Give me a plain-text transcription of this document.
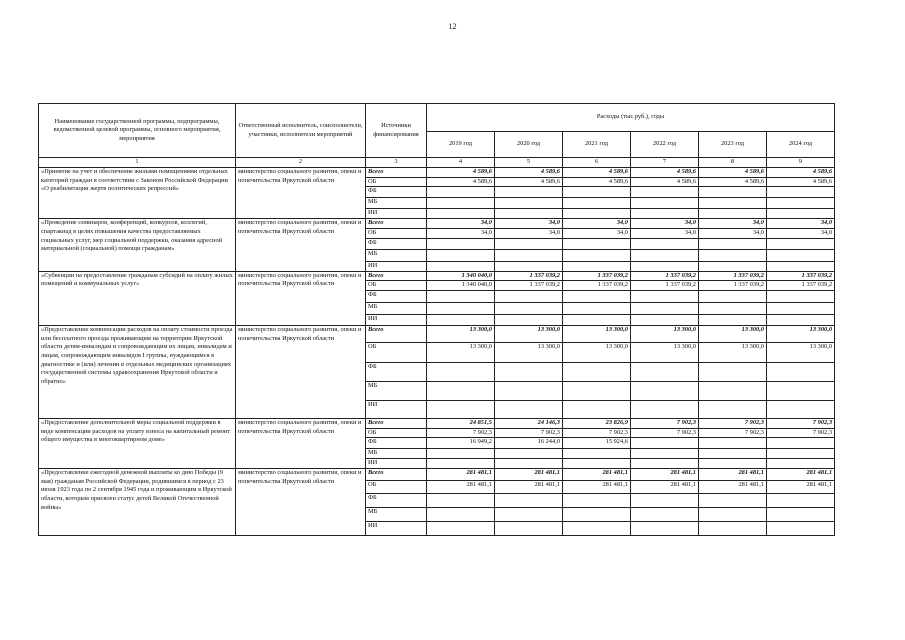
12
Наименование государственной программы, подпрограммы, ведомственной целевой программы, основного мероприятия, мероприятия	Ответственный исполнитель, соисполнители, участники, исполнители мероприятий	Источники финансирования	Расходы (тыс.руб.), годы					
			2019 год	2020 год	2021 год	2022 год	2023 год	2024 год
1	2	3	4	5	6	7	8	9
«Принятие на учет и обеспечение жилыми помещениями отдельных категорий граждан в соответствии с Законом Российской Федерации «О реабилитации жертв политических репрессий»	министерство социального развития, опеки и попечительства Иркутской области	Всего	4 589,6	4 589,6	4 589,6	4 589,6	4 589,6	4 589,6
		ОБ	4 589,6	4 589,6	4 589,6	4 589,6	4 589,6	4 589,6
		ФБ						
		МБ						
		ИИ						
«Проведение семинаров, конференций, конкурсов, коллегий, спартакиад в целях повышения качества предоставляемых социальных услуг, мер социальной поддержки, оказания адресной материальной (социальной) помощи гражданам»	министерство социального развития, опеки и попечительства Иркутской области	Всего	34,0	34,0	34,0	34,0	34,0	34,0
		ОБ	34,0	34,0	34,0	34,0	34,0	34,0
		ФБ						
		МБ						
		ИИ						
«Субвенции на предоставление гражданам субсидий на оплату жилых помещений и коммунальных услуг»	министерство социального развития, опеки и попечительства Иркутской области	Всего	1 340 040,0	1 337 039,2	1 337 039,2	1 337 039,2	1 337 039,2	1 337 039,2
		ОБ	1 340 040,0	1 337 039,2	1 337 039,2	1 337 039,2	1 337 039,2	1 337 039,2
		ФБ						
		МБ						
		ИИ						
«Предоставление компенсации расходов на оплату стоимости проезда или бесплатного проезда проживающим на территории Иркутской области детям-инвалидам и сопровождающим их лицам, инвалидам и лицам, сопровождающим инвалидов I группы, нуждающимся в диагностике и (или) лечении в отдельных медицинских организациях государственной системы здравоохранения Иркутской области и обратно»	министерство социального развития, опеки и попечительства Иркутской области	Всего	13 300,0	13 300,0	13 300,0	13 300,0	13 300,0	13 300,0
		ОБ	13 300,0	13 300,0	13 300,0	13 300,0	13 300,0	13 300,0
		ФБ						
		МБ						
		ИИ						
«Предоставление дополнительной меры социальной поддержки в виде компенсации расходов на уплату взноса на капитальный ремонт общего имущества в многоквартирном доме»	министерство социального развития, опеки и попечительства Иркутской области	Всего	24 851,5	24 146,3	23 826,9	7 902,3	7 902,3	7 902,3
		ОБ	7 902,3	7 902,3	7 902,3	7 902,3	7 902,3	7 902,3
		ФБ	16 949,2	16 244,0	15 924,6			
		МБ						
		ИИ						
«Предоставление ежегодной денежной выплаты ко дню Победы (9 мая) гражданам Российской Федерации, родившимся в период с 23 июня 1923 года по 2 сентября 1945 года и проживающим в Иркутской области, которым присвоен статус детей Великой Отечественной войны»	министерство социального развития, опеки и попечительства Иркутской области	Всего	281 481,1	281 481,1	281 481,1	281 481,1	281 481,1	281 481,1
		ОБ	281 481,1	281 481,1	281 481,1	281 481,1	281 481,1	281 481,1
		ФБ						
		МБ						
		ИИ						
